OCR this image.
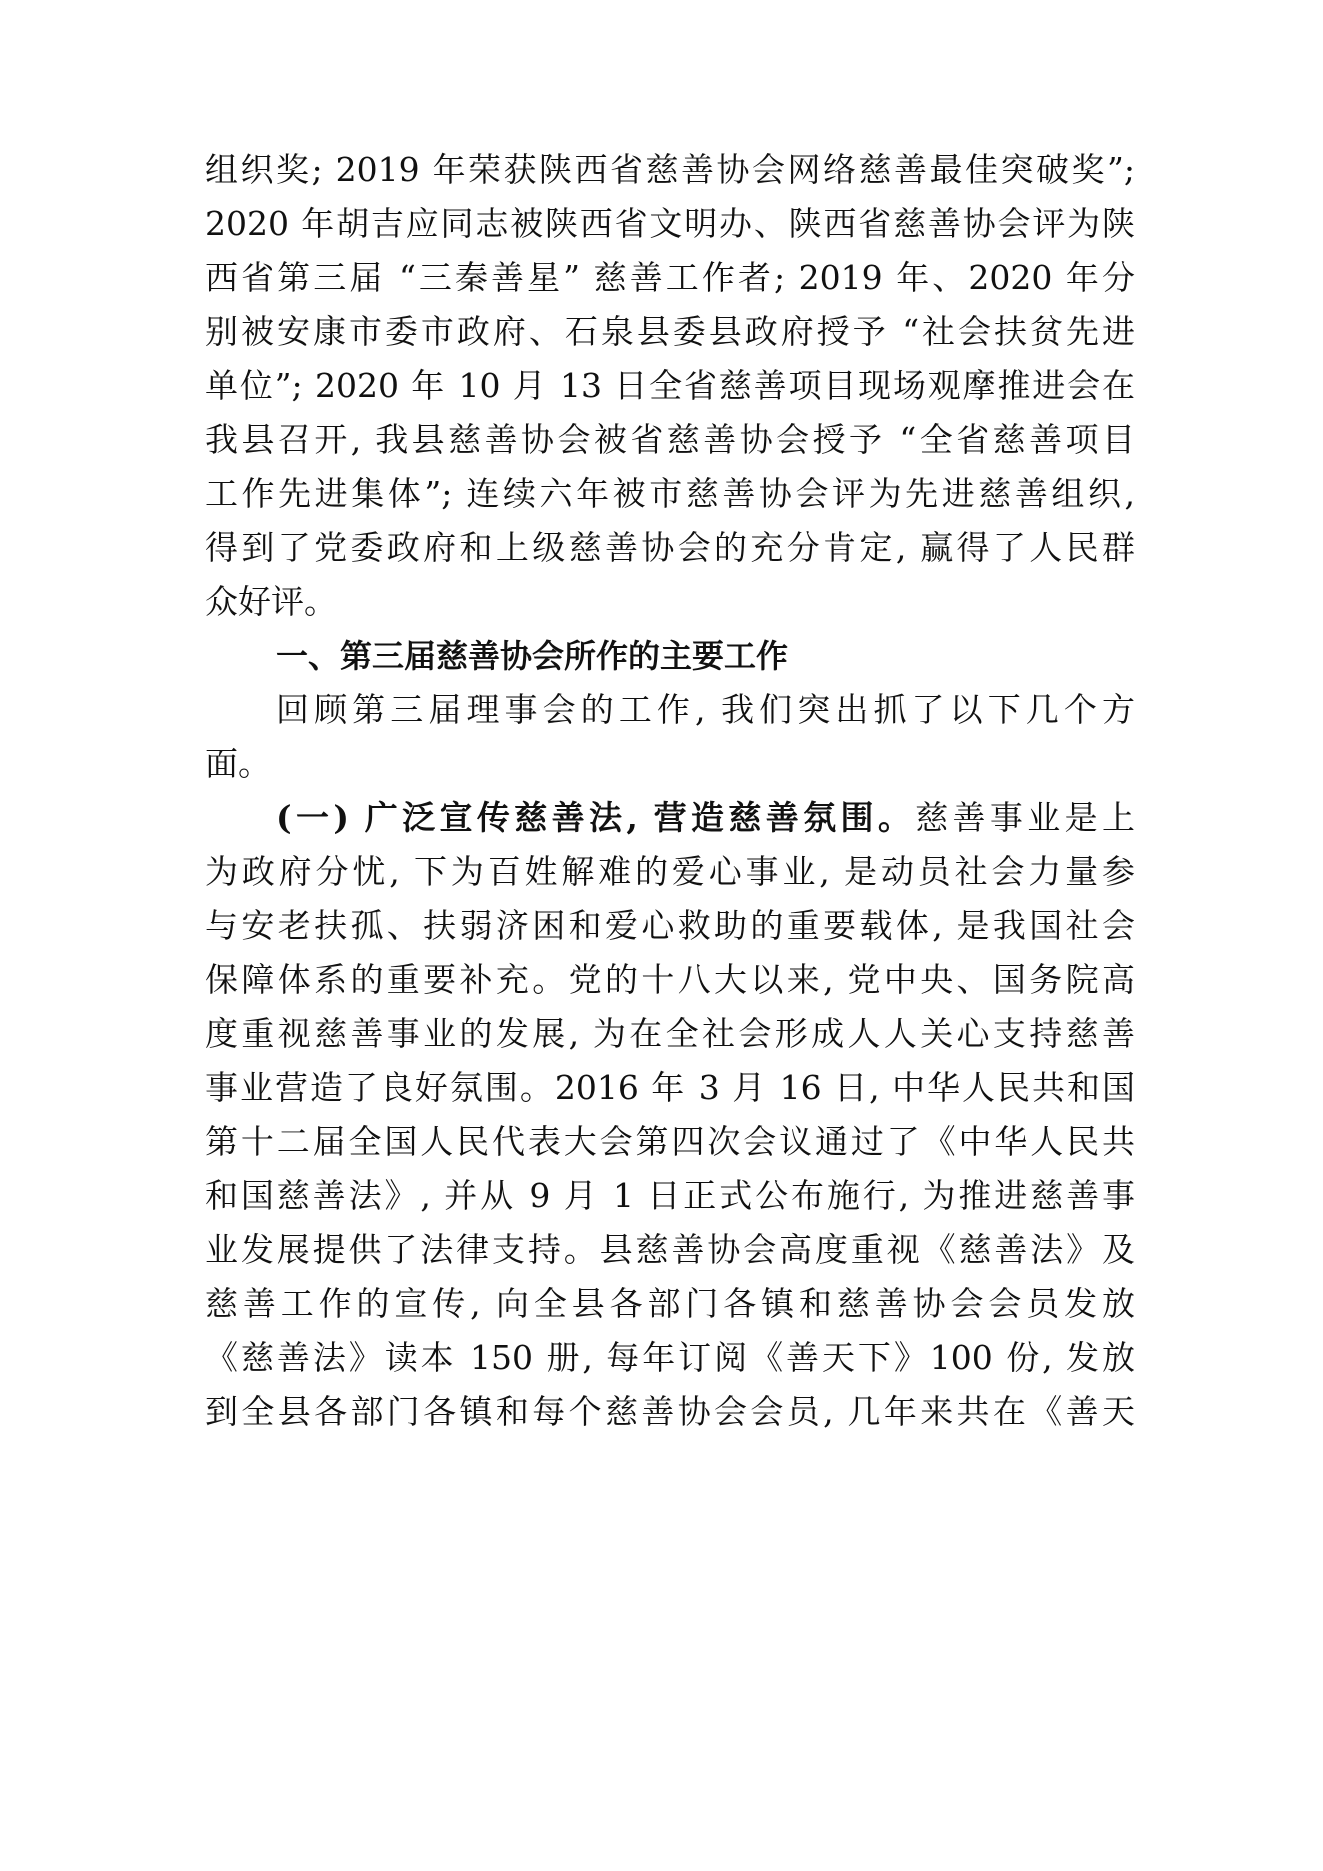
组织奖; 2019 年荣获陕西省慈善协会网络慈善最佳突破奖”;
2020 年胡吉应同志被陕西省文明办、陕西省慈善协会评为陕
西省第三届 “三秦善星” 慈善工作者; 2019 年、2020 年分
别被安康市委市政府、石泉县委县政府授予 “社会扶贫先进
单位”; 2020 年 10 月 13 日全省慈善项目现场观摩推进会在
我县召开, 我县慈善协会被省慈善协会授予 “全省慈善项目
工作先进集体”; 连续六年被市慈善协会评为先进慈善组织,
得到了党委政府和上级慈善协会的充分肯定, 赢得了人民群
众好评。
一、第三届慈善协会所作的主要工作
回顾第三届理事会的工作, 我们突出抓了以下几个方
面。
(一) 广泛宣传慈善法, 营造慈善氛围。慈善事业是上
为政府分忧, 下为百姓解难的爱心事业, 是动员社会力量参
与安老扶孤、扶弱济困和爱心救助的重要载体, 是我国社会
保障体系的重要补充。党的十八大以来, 党中央、国务院高
度重视慈善事业的发展, 为在全社会形成人人关心支持慈善
事业营造了良好氛围。2016 年 3 月 16 日, 中华人民共和国
第十二届全国人民代表大会第四次会议通过了《中华人民共
和国慈善法》, 并从 9 月 1 日正式公布施行, 为推进慈善事
业发展提供了法律支持。县慈善协会高度重视《慈善法》及
慈善工作的宣传, 向全县各部门各镇和慈善协会会员发放
《慈善法》读本 150 册, 每年订阅《善天下》100 份, 发放
到全县各部门各镇和每个慈善协会会员, 几年来共在《善天
